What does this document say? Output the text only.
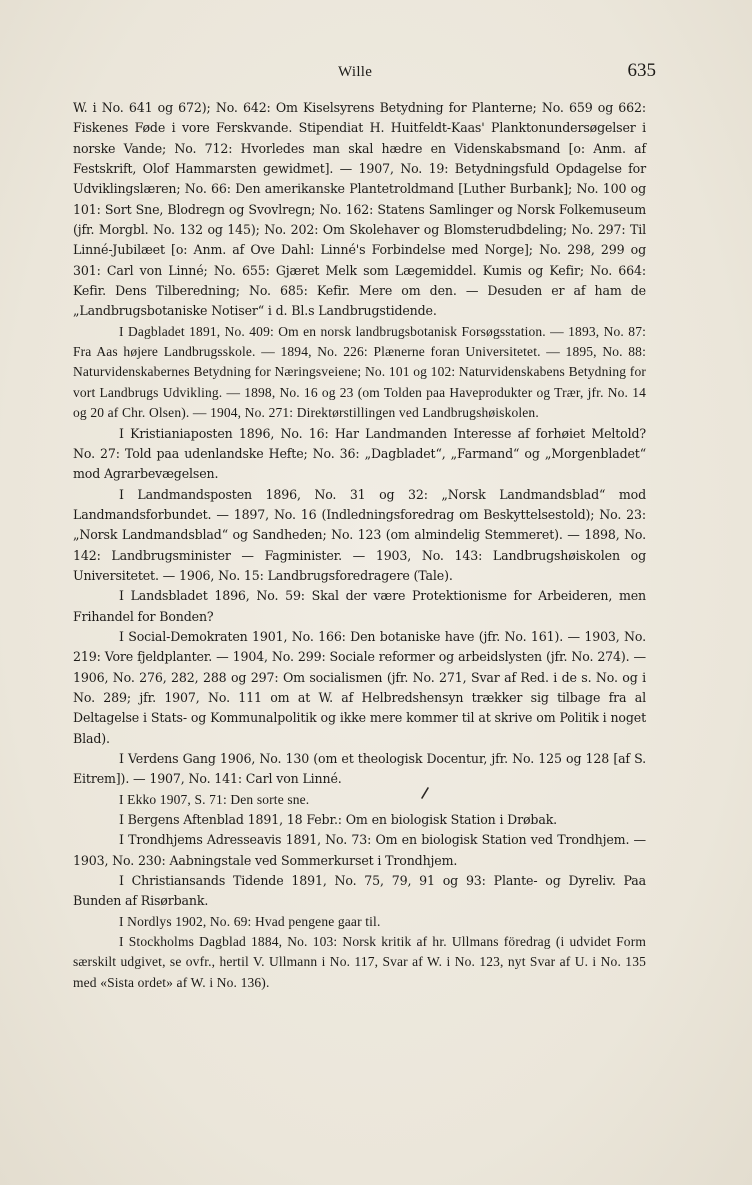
Wille	635

W. i No. 641 og 672); No. 642: Om Kiselsyrens Betydning for Planterne; No. 659 og 662: Fiskenes Føde i vore Ferskvande. Stipendiat H. Huitfeldt-Kaas' Planktonundersøgelser i norske Vande; No. 712: Hvorledes man skal hædre en Videnskabsmand [o: Anm. af Festskrift, Olof Hammarsten gewidmet]. — 1907, No. 19: Betydningsfuld Opdagelse for Udviklingslæren; No. 66: Den amerikanske Plantetroldmand [Luther Burbank]; No. 100 og 101: Sort Sne, Blodregn og Svovlregn; No. 162: Statens Samlinger og Norsk Folkemuseum (jfr. Morgbl. No. 132 og 145); No. 202: Om Skolehaver og Blomsterudbdeling; No. 297: Til Linné-Jubilæet [o: Anm. af Ove Dahl: Linné's Forbindelse med Norge]; No. 298, 299 og 301: Carl von Linné; No. 655: Gjæret Melk som Lægemiddel. Kumis og Kefir; No. 664: Kefir. Dens Tilberedning; No. 685: Kefir. Mere om den. — Desuden er af ham de „Landbrugsbotaniske Notiser“ i d. Bl.s Landbrugstidende.

I Dagbladet 1891, No. 409: Om en norsk landbrugsbotanisk Forsøgsstation. — 1893, No. 87: Fra Aas højere Landbrugsskole. — 1894, No. 226: Plænerne foran Universitetet. — 1895, No. 88: Naturvidenskabernes Betydning for Næringsveiene; No. 101 og 102: Naturvidenskabens Betydning for vort Landbrugs Udvikling. — 1898, No. 16 og 23 (om Tolden paa Haveprodukter og Trær, jfr. No. 14 og 20 af Chr. Olsen). — 1904, No. 271: Direktørstillingen ved Landbrugshøiskolen.

I Kristianiaposten 1896, No. 16: Har Landmanden Interesse af forhøiet Meltold? No. 27: Told paa udenlandske Hefte; No. 36: „Dagbladet“, „Farmand“ og „Morgenbladet“ mod Agrarbevægelsen.

I Landmandsposten 1896, No. 31 og 32: „Norsk Landmandsblad“ mod Landmandsforbundet. — 1897, No. 16 (Indledningsforedrag om Beskyttelsestold); No. 23: „Norsk Landmandsblad“ og Sandheden; No. 123 (om almindelig Stemmeret). — 1898, No. 142: Landbrugsminister — Fagminister. — 1903, No. 143: Landbrugshøiskolen og Universitetet. — 1906, No. 15: Landbrugsforedragere (Tale).

I Landsbladet 1896, No. 59: Skal der være Protektionisme for Arbeideren, men Frihandel for Bonden?

I Social-Demokraten 1901, No. 166: Den botaniske have (jfr. No. 161). — 1903, No. 219: Vore fjeldplanter. — 1904, No. 299: Sociale reformer og arbeidslysten (jfr. No. 274). — 1906, No. 276, 282, 288 og 297: Om socialismen (jfr. No. 271, Svar af Red. i de s. No. og i No. 289; jfr. 1907, No. 111 om at W. af Helbredshensyn trækker sig tilbage fra al Deltagelse i Stats- og Kommunalpolitik og ikke mere kommer til at skrive om Politik i noget Blad).

I Verdens Gang 1906, No. 130 (om et theologisk Docentur, jfr. No. 125 og 128 [af S. Eitrem]). — 1907, No. 141: Carl von Linné.

I Ekko 1907, S. 71: Den sorte sne.

I Bergens Aftenblad 1891, 18 Febr.: Om en biologisk Station i Drøbak.

I Trondhjems Adresseavis 1891, No. 73: Om en biologisk Station ved Trondhjem. — 1903, No. 230: Aabningstale ved Sommerkurset i Trondhjem.

I Christiansands Tidende 1891, No. 75, 79, 91 og 93: Plante- og Dyreliv. Paa Bunden af Risørbank.

I Nordlys 1902, No. 69: Hvad pengene gaar til.

I Stockholms Dagblad 1884, No. 103: Norsk kritik af hr. Ullmans föredrag (i udvidet Form særskilt udgivet, se ovfr., hertil V. Ullmann i No. 117, Svar af W. i No. 123, nyt Svar af U. i No. 135 med «Sista ordet» af W. i No. 136).
